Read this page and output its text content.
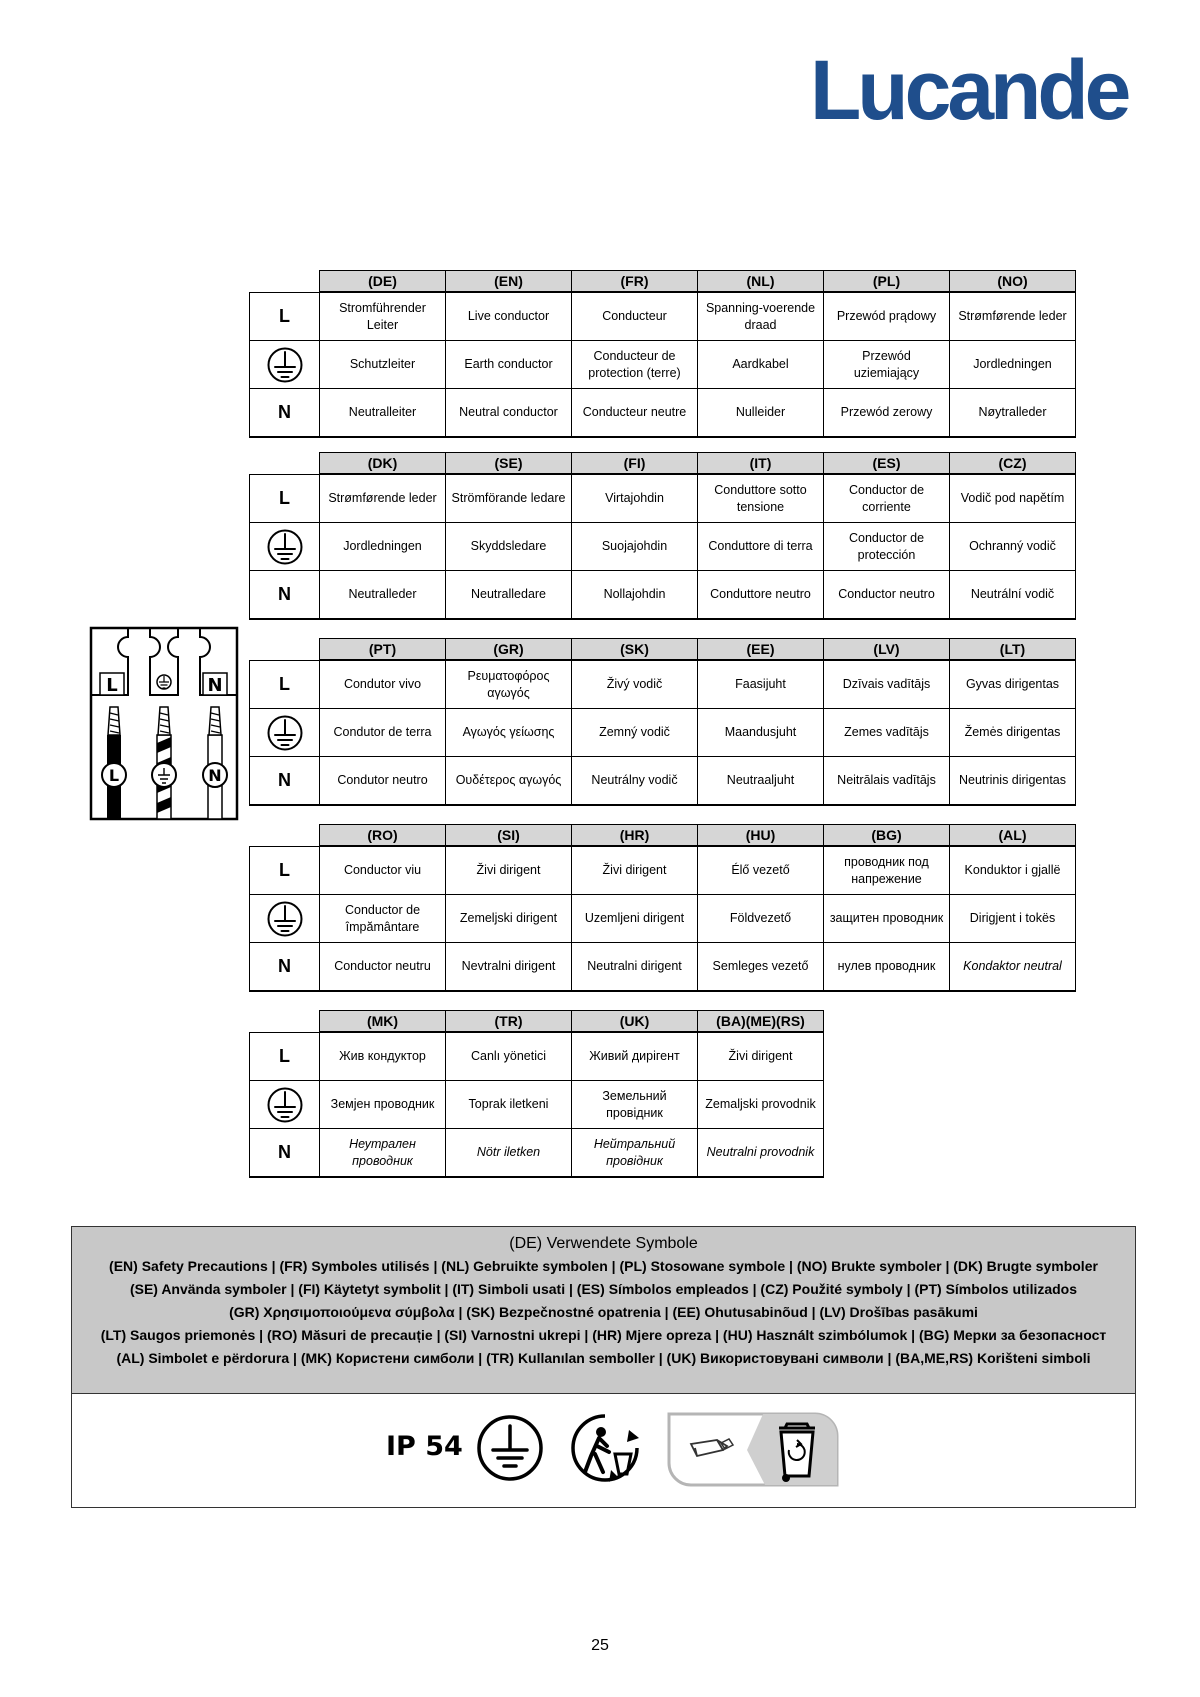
Lucande
	(DE)	(EN)	(FR)	(NL)	(PL)	(NO)
L	Stromführender Leiter	Live conductor	Conducteur	Spanning-voerende draad	Przewód prądowy	Strømførende leder

	Schutzleiter	Earth conductor	Conducteur de protection (terre)	Aardkabel	Przewód uziemiający	Jordledningen
N	Neutralleiter	Neutral conductor	Conducteur neutre	Nulleider	Przewód zerowy	Nøytralleder
	(DK)	(SE)	(FI)	(IT)	(ES)	(CZ)
L	Strømførende leder	Strömförande ledare	Virtajohdin	Conduttore sotto tensione	Conductor de corriente	Vodič pod napětím

	Jordledningen	Skyddsledare	Suojajohdin	Conduttore di terra	Conductor de protección	Ochranný vodič
N	Neutralleder	Neutralledare	Nollajohdin	Conduttore neutro	Conductor neutro	Neutrální vodič
	(PT)	(GR)	(SK)	(EE)	(LV)	(LT)
L	Condutor vivo	Ρευματοφόρος αγωγός	Živý vodič	Faasijuht	Dzīvais vadītājs	Gyvas dirigentas

	Condutor de terra	Αγωγός γείωσης	Zemný vodič	Maandusjuht	Zemes vadītājs	Žemės dirigentas
N	Condutor neutro	Ουδέτερος αγωγός	Neutrálny vodič	Neutraaljuht	Neitrālais vadītājs	Neutrinis dirigentas
	(RO)	(SI)	(HR)	(HU)	(BG)	(AL)
L	Conductor viu	Živi dirigent	Živi dirigent	Élő vezető	проводник под напрежение	Konduktor i gjallë

	Conductor de împământare	Zemeljski dirigent	Uzemljeni dirigent	Földvezető	защитен проводник	Dirigjent i tokës
N	Conductor neutru	Nevtralni dirigent	Neutralni dirigent	Semleges vezető	нулев проводник	Kondaktor neutral
	(MK)	(TR)	(UK)	(BA)(ME)(RS)
L	Жив кондуктор	Canlı yönetici	Живий дирігент	Živi dirigent

	Земјен проводник	Toprak iletkeni	Земельний провідник	Zemaljski provodnik
N	Неутрален проводник	Nötr iletken	Нейтральний провідник	Neutralni provodnik
L	N
L	N
(DE) Verwendete Symbole
(EN) Safety Precautions | (FR) Symboles utilisés | (NL) Gebruikte symbolen | (PL) Stosowane symbole | (NO) Brukte symboler | (DK) Brugte symboler
(SE) Använda symboler | (FI) Käytetyt symbolit | (IT) Simboli usati | (ES) Símbolos empleados | (CZ) Použité symboly | (PT) Símbolos utilizados
(GR) Χρησιμοποιούμενα σύμβολα | (SK) Bezpečnostné opatrenia | (EE) Ohutusabinõud | (LV) Drošības pasākumi
(LT) Saugos priemonės | (RO) Măsuri de precauție | (SI) Varnostni ukrepi | (HR) Mjere opreza | (HU) Használt szimbólumok | (BG) Мерки за безопасност
(AL) Simbolet e përdorura | (MK) Користени симболи | (TR) Kullanılan semboller | (UK) Використовувані символи | (BA,ME,RS) Korišteni simboli
IP 54
25
